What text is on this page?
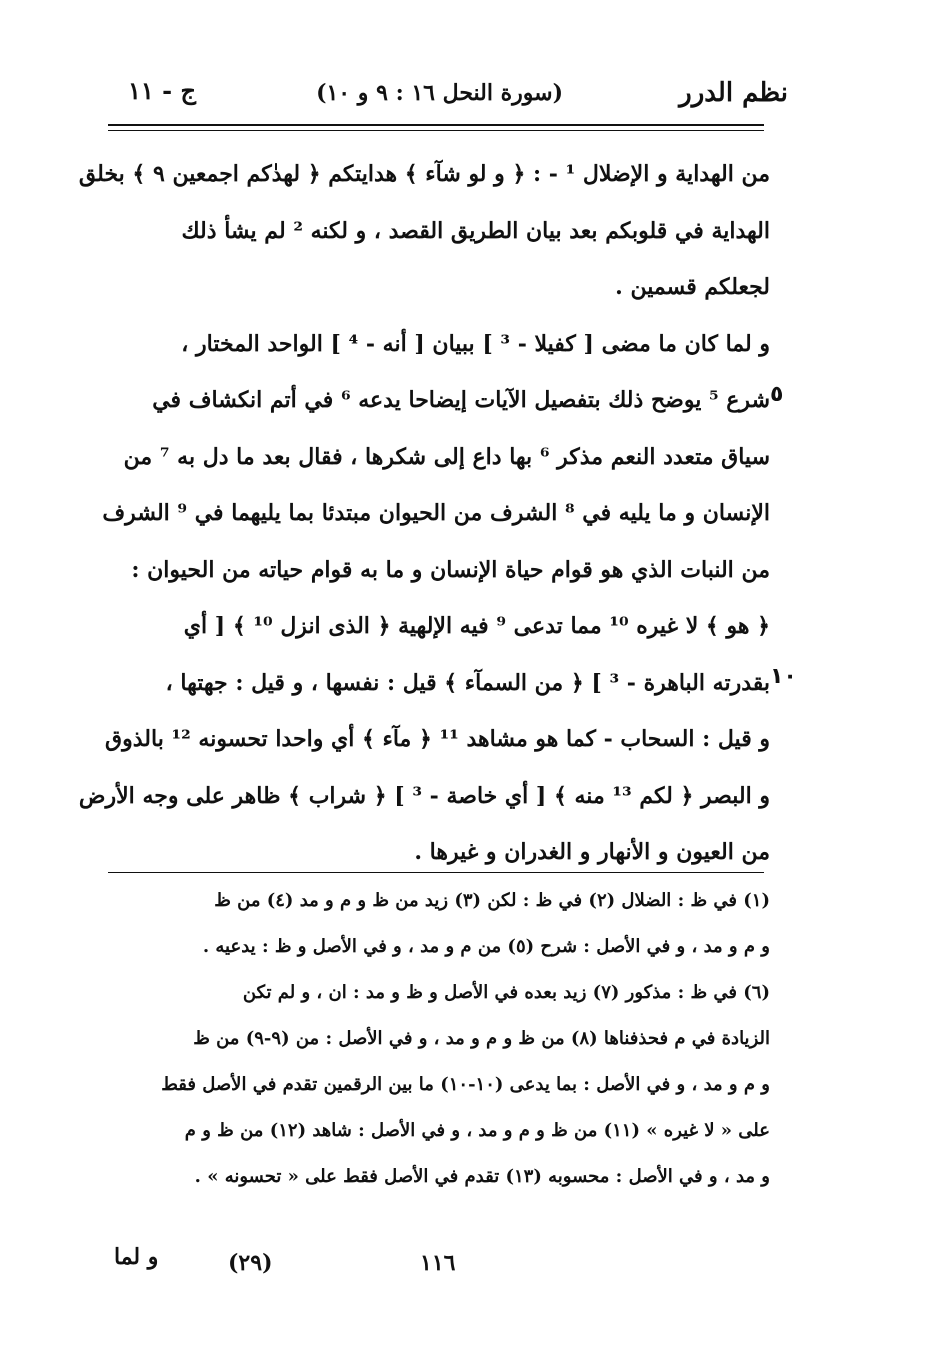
نظم الدرر
(سورة النحل ١٦ : ٩ و ١٠)
ج - ١١
من الهداية و الإضلال ¹ - : ﴿ و لو شآء ﴾ هدايتكم ﴿ لهدٰكم اجمعين ۹ ﴾ بخلق
الهداية في قلوبكم بعد بيان الطريق القصد ، و لكنه ² لم يشأ ذلك
لجعلكم قسمين .
و لما كان ما مضى [ كفيلا - ³ ] ببيان [ أنه - ⁴ ] الواحد المختار ،
شرع ⁵ يوضح ذلك بتفصيل الآيات إيضاحا يدعه ⁶ في أتم انكشاف في
سياق متعدد النعم مذكر ⁶ بها داع إلى شكرها ، فقال بعد ما دل به ⁷ من
الإنسان و ما يليه في ⁸ الشرف من الحيوان مبتدئا بما يليهما في ⁹ الشرف
من النبات الذي هو قوام حياة الإنسان و ما به قوام حياته من الحيوان :
﴿ هو ﴾ لا غيره ¹⁰ مما تدعى ⁹ فيه الإلهية ﴿ الذى انزل ¹⁰ ﴾ [ أي
بقدرته الباهرة - ³ ] ﴿ من السمآء ﴾ قيل : نفسها ، و قيل : جهتها ،
و قيل : السحاب - كما هو مشاهد ¹¹ ﴿ مآء ﴾ أي واحدا تحسونه ¹² بالذوق
و البصر ﴿ لكم ¹³ منه ﴾ [ أي خاصة - ³ ] ﴿ شراب ﴾ ظاهر على وجه الأرض
من العيون و الأنهار و الغدران و غيرها .
٥
١٠
(١) في ظ : الضلال (٢) في ظ : لكن (٣) زيد من ظ و م و مد (٤) من ظ
و م و مد ، و في الأصل : شرح (٥) من م و مد ، و في الأصل و ظ : يدعيه .
(٦) في ظ : مذكور (٧) زيد بعده في الأصل و ظ و مد : ان ، و لم تكن
الزيادة في م فحذفناها (٨) من ظ و م و مد ، و في الأصل : من (٩-٩) من ظ
و م و مد ، و في الأصل : بما يدعى (١٠-١٠) ما بين الرقمين تقدم في الأصل فقط
على « لا غيره » (١١) من ظ و م و مد ، و في الأصل : شاهد (١٢) من ظ و م
و مد ، و في الأصل : محسوبه (١٣) تقدم في الأصل فقط على « تحسونه » .
١١٦
(٢٩)
و لما
